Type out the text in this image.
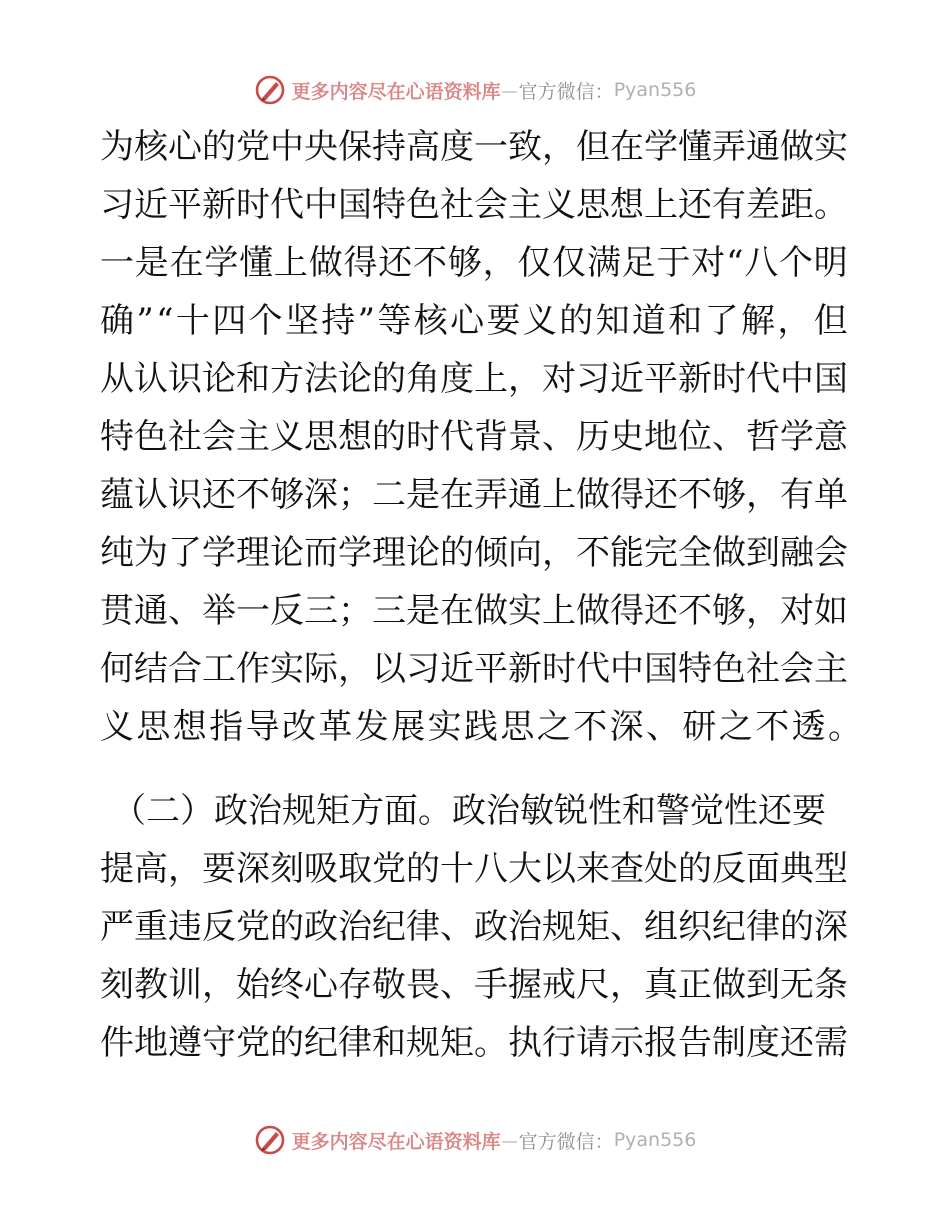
更多内容尽在心语资料库 — 官方微信： Pyan556
为 核 心 的 党 中 央 保 持 高 度 一 致 ， 但 在 学 懂 弄 通 做 实
习 近 平 新 时 代 中 国 特 色 社 会 主 义 思 想 上 还 有 差 距 。
一 是 在 学 懂 上 做 得 还 不 够 ， 仅 仅 满 足 于 对 “ 八 个 明
确 ” “ 十 四 个 坚 持 ” 等 核 心 要 义 的 知 道 和 了 解 ， 但
从 认 识 论 和 方 法 论 的 角 度 上 ， 对 习 近 平 新 时 代 中 国
特 色 社 会 主 义 思 想 的 时 代 背 景 、 历 史 地 位 、 哲 学 意
蕴 认 识 还 不 够 深 ； 二 是 在 弄 通 上 做 得 还 不 够 ， 有 单
纯 为 了 学 理 论 而 学 理 论 的 倾 向 ， 不 能 完 全 做 到 融 会
贯 通 、 举 一 反 三 ； 三 是 在 做 实 上 做 得 还 不 够 ， 对 如
何 结 合 工 作 实 际 ， 以 习 近 平 新 时 代 中 国 特 色 社 会 主
义思想指导改革发展实践思之不深、研之不透。
（ 二 ） 政 治 规 矩 方 面 。 政 治 敏 锐 性 和 警 觉 性 还 要
提 高 ， 要 深 刻 吸 取 党 的 十 八 大 以 来 查 处 的 反 面 典 型
严 重 违 反 党 的 政 治 纪 律 、 政 治 规 矩 、 组 织 纪 律 的 深
刻 教 训 ， 始 终 心 存 敬 畏 、 手 握 戒 尺 ， 真 正 做 到 无 条
件 地 遵 守 党 的 纪 律 和 规 矩 。 执 行 请 示 报 告 制 度 还 需
更多内容尽在心语资料库 — 官方微信： Pyan556
